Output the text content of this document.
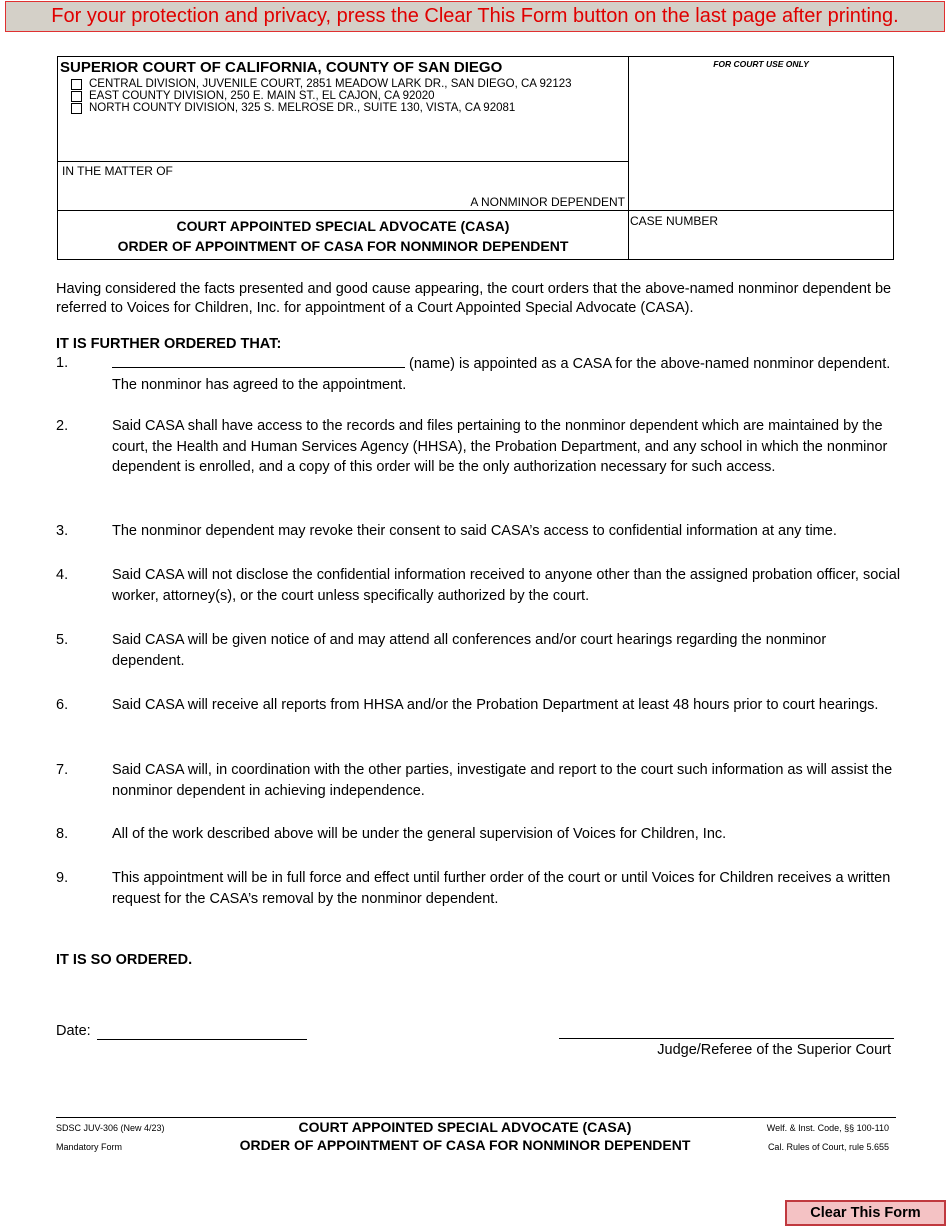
For your protection and privacy, press the Clear This Form button on the last page after printing.
SUPERIOR COURT OF CALIFORNIA, COUNTY OF SAN DIEGO
CENTRAL DIVISION, JUVENILE COURT, 2851 MEADOW LARK DR., SAN DIEGO, CA 92123
EAST COUNTY DIVISION, 250 E. MAIN ST., EL CAJON, CA 92020
NORTH COUNTY DIVISION, 325 S. MELROSE DR., SUITE 130, VISTA, CA 92081
FOR COURT USE ONLY
IN THE MATTER OF
A NONMINOR DEPENDENT
COURT APPOINTED SPECIAL ADVOCATE (CASA)
ORDER OF APPOINTMENT OF CASA FOR NONMINOR DEPENDENT
CASE NUMBER
Having considered the facts presented and good cause appearing, the court orders that the above-named nonminor dependent be referred to Voices for Children, Inc. for appointment of a Court Appointed Special Advocate (CASA).
IT IS FURTHER ORDERED THAT:
1.	(name) is appointed as a CASA for the above-named nonminor dependent. The nonminor has agreed to the appointment.
2.	Said CASA shall have access to the records and files pertaining to the nonminor dependent which are maintained by the court, the Health and Human Services Agency (HHSA), the Probation Department, and any school in which the nonminor dependent is enrolled, and a copy of this order will be the only authorization necessary for such access.
3.	The nonminor dependent may revoke their consent to said CASA’s access to confidential information at any time.
4.	Said CASA will not disclose the confidential information received to anyone other than the assigned probation officer, social worker, attorney(s), or the court unless specifically authorized by the court.
5.	Said CASA will be given notice of and may attend all conferences and/or court hearings regarding the nonminor dependent.
6.	Said CASA will receive all reports from HHSA and/or the Probation Department at least 48 hours prior to court hearings.
7.	Said CASA will, in coordination with the other parties, investigate and report to the court such information as will assist the nonminor dependent in achieving independence.
8.	All of the work described above will be under the general supervision of Voices for Children, Inc.
9.	This appointment will be in full force and effect until further order of the court or until Voices for Children receives a written request for the CASA’s removal by the nonminor dependent.
IT IS SO ORDERED.
Date:
Judge/Referee of the Superior Court
SDSC JUV-306 (New 4/23)
Mandatory Form
COURT APPOINTED SPECIAL ADVOCATE (CASA)
ORDER OF APPOINTMENT OF CASA FOR NONMINOR DEPENDENT
Welf. & Inst. Code, §§ 100-110
Cal. Rules of Court, rule 5.655
Clear This Form
